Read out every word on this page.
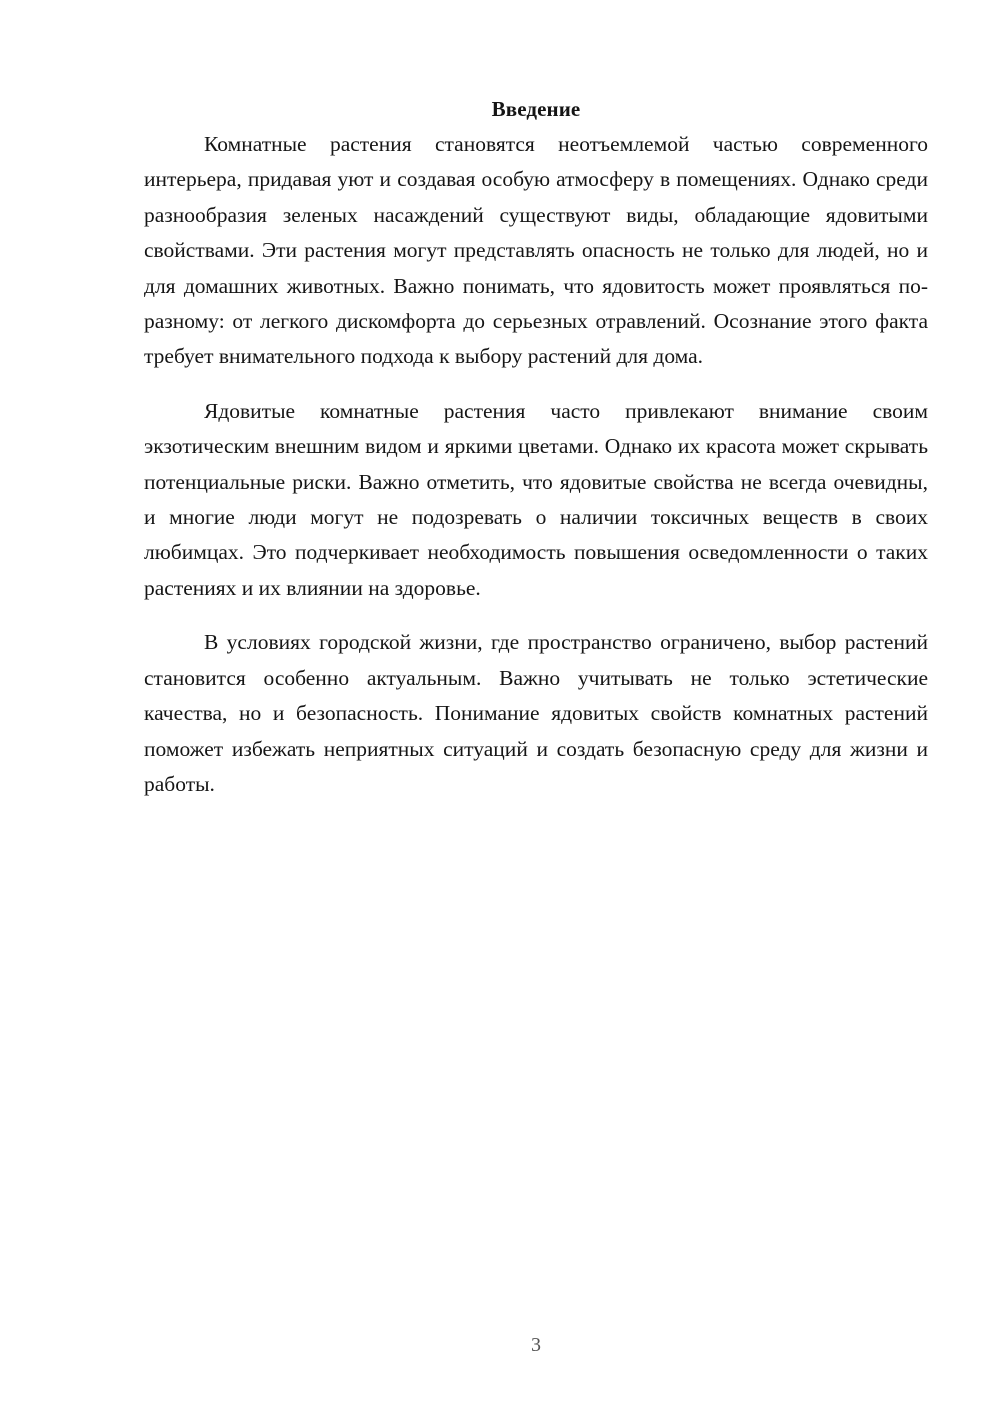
Введение

Комнатные растения становятся неотъемлемой частью современного интерьера, придавая уют и создавая особую атмосферу в помещениях. Однако среди разнообразия зеленых насаждений существуют виды, обладающие ядовитыми свойствами. Эти растения могут представлять опасность не только для людей, но и для домашних животных. Важно понимать, что ядовитость может проявляться по-разному: от легкого дискомфорта до серьезных отравлений. Осознание этого факта требует внимательного подхода к выбору растений для дома.

Ядовитые комнатные растения часто привлекают внимание своим экзотическим внешним видом и яркими цветами. Однако их красота может скрывать потенциальные риски. Важно отметить, что ядовитые свойства не всегда очевидны, и многие люди могут не подозревать о наличии токсичных веществ в своих любимцах. Это подчеркивает необходимость повышения осведомленности о таких растениях и их влиянии на здоровье.

В условиях городской жизни, где пространство ограничено, выбор растений становится особенно актуальным. Важно учитывать не только эстетические качества, но и безопасность. Понимание ядовитых свойств комнатных растений поможет избежать неприятных ситуаций и создать безопасную среду для жизни и работы.

3
